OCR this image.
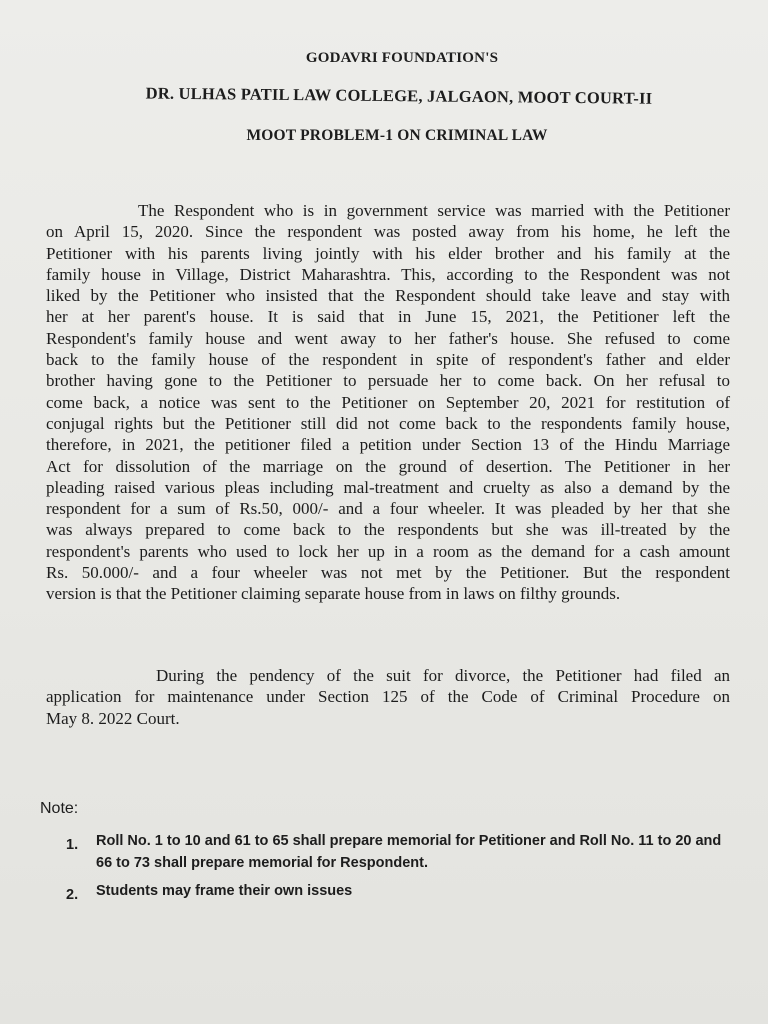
GODAVRI FOUNDATION'S
DR. ULHAS PATIL LAW COLLEGE, JALGAON, MOOT COURT-II
MOOT PROBLEM-1 ON CRIMINAL LAW
The Respondent who is in government service was married with the Petitioner
on April 15, 2020. Since the respondent was posted away from his home, he left the
Petitioner with his parents living jointly with his elder brother and his family at the
family house in Village, District Maharashtra. This, according to the Respondent was not
liked by the Petitioner who insisted that the Respondent should take leave and stay with
her at her parent's house. It is said that in June 15, 2021, the Petitioner left the
Respondent's family house and went away to her father's house. She refused to come
back to the family house of the respondent in spite of respondent's father and elder
brother having gone to the Petitioner to persuade her to come back. On her refusal to
come back, a notice was sent to the Petitioner on September 20, 2021 for restitution of
conjugal rights but the Petitioner still did not come back to the respondents family house,
therefore, in 2021, the petitioner filed a petition under Section 13 of the Hindu Marriage
Act for dissolution of the marriage on the ground of desertion. The Petitioner in her
pleading raised various pleas including mal-treatment and cruelty as also a demand by the
respondent for a sum of Rs.50, 000/- and a four wheeler. It was pleaded by her that she
was always prepared to come back to the respondents but she was ill-treated by the
respondent's parents who used to lock her up in a room as the demand for a cash amount
Rs. 50.000/- and a four wheeler was not met by the Petitioner. But the respondent
version is that the Petitioner claiming separate house from in laws on filthy grounds.
During the pendency of the suit for divorce, the Petitioner had filed an
application for maintenance under Section 125 of the Code of Criminal Procedure on
May 8. 2022 Court.
Note:
1. Roll No. 1 to 10 and 61 to 65 shall prepare memorial for Petitioner and Roll No. 11 to 20 and 66 to 73 shall prepare memorial for Respondent.
2. Students may frame their own issues
